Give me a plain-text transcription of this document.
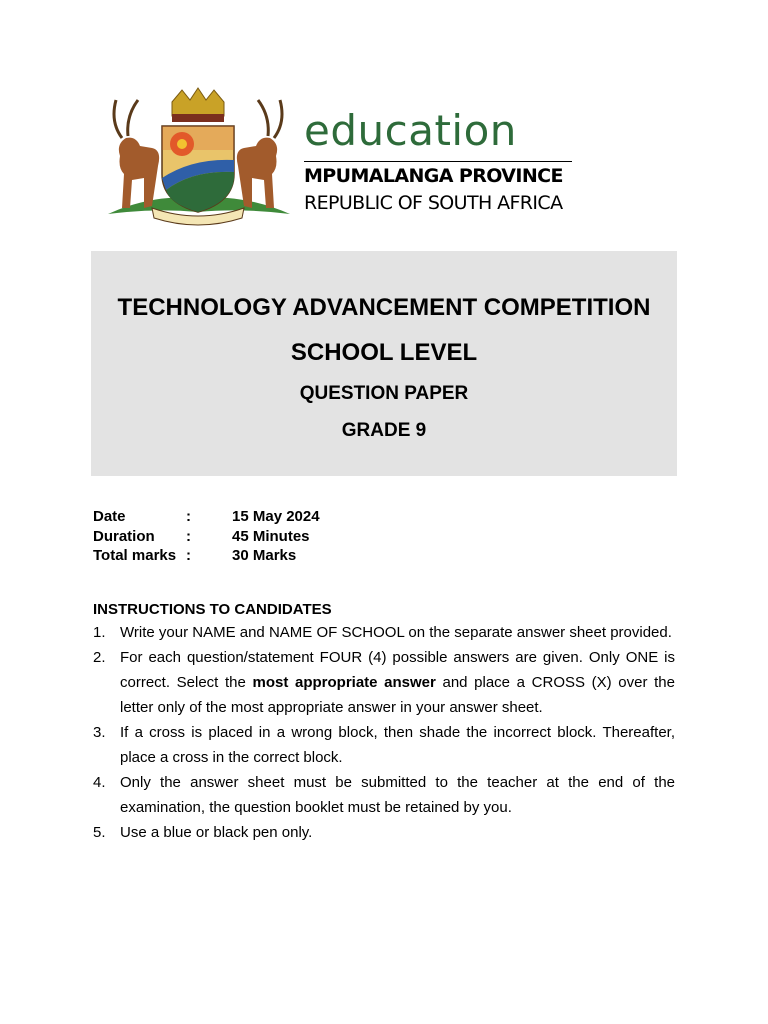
education
MPUMALANGA PROVINCE
REPUBLIC OF SOUTH AFRICA
TECHNOLOGY ADVANCEMENT COMPETITION
SCHOOL LEVEL
QUESTION PAPER
GRADE 9
Date	:	15 May 2024
Duration :	45 Minutes
Total marks :	30 Marks
INSTRUCTIONS TO CANDIDATES
1. Write your NAME and NAME OF SCHOOL on the separate answer sheet provided.
2. For each question/statement FOUR (4) possible answers are given. Only ONE is correct. Select the most appropriate answer and place a CROSS (X) over the letter only of the most appropriate answer in your answer sheet.
3. If a cross is placed in a wrong block, then shade the incorrect block. Thereafter, place a cross in the correct block.
4. Only the answer sheet must be submitted to the teacher at the end of the examination, the question booklet must be retained by you.
5. Use a blue or black pen only.
